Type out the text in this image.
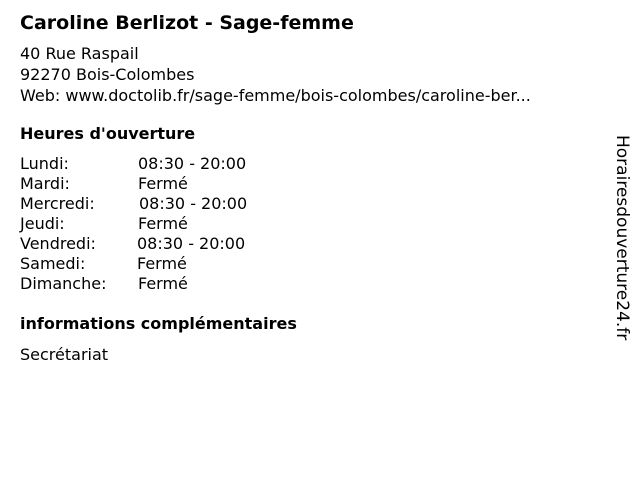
Caroline Berlizot - Sage-femme
40 Rue Raspail
92270 Bois-Colombes
Web: www.doctolib.fr/sage-femme/bois-colombes/caroline-ber...
Heures d'ouverture
Lundi:	08:30 - 20:00
Mardi:	Fermé
Mercredi:	08:30 - 20:00
Jeudi:	Fermé
Vendredi:	08:30 - 20:00
Samedi:	Fermé
Dimanche: Fermé
informations complémentaires
Secrétariat
Horairesdouverture24.fr
